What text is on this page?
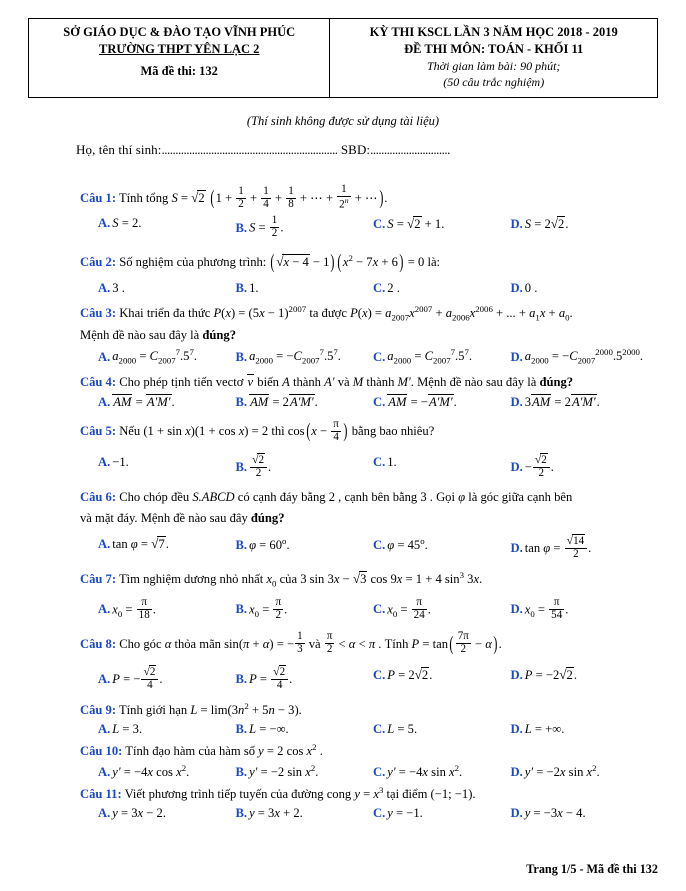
SỞ GIÁO DỤC & ĐÀO TẠO VĨNH PHÚC
TRƯỜNG THPT YÊN LẠC 2
Mã đề thi: 132
KỲ THI KSCL LẦN 3 NĂM HỌC 2018 - 2019
ĐỀ THI MÔN: TOÁN - KHỐI 11
Thời gian làm bài: 90 phút;
(50 câu trắc nghiệm)
(Thí sinh không được sử dụng tài liệu)
Họ, tên thí sinh:................................................................ SBD:.............................
Câu 1: Tính tổng S = √2 ($1 + \frac{1}{2} + \frac{1}{4} + \frac{1}{8}$ + ⋯ + $\frac{1}{2^n}$ + ⋯).
A. S = 2.	B. $S = \frac{1}{2}$ .	C. S = √2 + 1.	D. S = 2√2.
Câu 2: Số nghiệm của phương trình: (√x − 4 − 1) $(x^2 - 7x + 6) = 0$ là:
A. 3 .	B. 1.	C. 2 .	D. 0 .
Câu 3: Khai triển đa thức $P(x) = (5x - 1)^{2007}$ ta được $P(x) = a_{2007}x^{2007} + a_{2006}x^{2006}$ + ... + $a_1x + a_0$.
Mệnh đề nào sau đây là đúng?
A. $a_{2000} = C_{2007}^7.5^7$.	B. $a_{2000} = -C_{2007}^7.5^7$.	C. $a_{2000} = C_{2007}^7.5^7$.	D. $a_{2000} = -C_{2007}^{2000}.5^{2000}$.
Câu 4: Cho phép tịnh tiến vectơ v biến A thành A′ và M thành M′. Mệnh đề nào sau đây là đúng?
A. AM = A′M′.	B. AM = 2A′M′.	C. AM = −A′M′.	D. 3AM = 2A′M′.
Câu 5: Nếu (1 + sin x)(1 + cos x) = 2 thì $\cos(x - \frac{\pi}{4}$ ) bằng bao nhiêu?
A. −1.	B. $\frac{√2}{2}$ .	C. 1.	D. − $\frac{√2}{2}$ .
Câu 6: Cho chóp đều S.ABCD có cạnh đáy bằng 2 , cạnh bên bằng 3 . Gọi φ là góc giữa cạnh bên
và mặt đáy. Mệnh đề nào sau đây đúng?
A. tan φ = √7.	B. $\varphi = 60^o$.	C. $\varphi = 45^o$.	D. $\tan \varphi = \frac{√14}{2}$ .
Câu 7: Tìm nghiệm dương nhỏ nhất $x_0$ của 3 sin 3x − √3 cos 9x = 1 + 4 $\sin^3 3x$.
A. $x_0 = \frac{\pi}{18}$ .	B. $x_0 = \frac{\pi}{2}$ .	C. $x_0 = \frac{\pi}{24}$ .	D. $x_0 = \frac{\pi}{54}$ .
Câu 8: Cho góc α thỏa mãn sin(π + α) = − $\frac{1}{3}$ và $\frac{\pi}{2} < \alpha < \pi$ . Tính $P = \tan( \frac{7\pi}{2} - \alpha)$.
A. P = − $\frac{√2}{4}$ .	B. $P = \frac{√2}{4}$ .	C. P = 2√2.	D. P = −2√2.
Câu 9: Tính giới hạn $L = \lim(3n^2 + 5n - 3)$.
A. L = 3.	B. L = −∞.	C. L = 5.	D. L = +∞.
Câu 10: Tính đạo hàm của hàm số y = 2 $\cos x^2$ .
A. y′ = −4x $\cos x^2$.	B. y′ = −2 $\sin x^2$.	C. y′ = −4x $\sin x^2$.	D. y′ = −2x $\sin x^2$.
Câu 11: Viết phương trình tiếp tuyến của đường cong $y = x^3$ tại điểm (−1; −1).
A. y = 3x − 2.	B. y = 3x + 2.	C. y = −1.	D. y = −3x − 4.
Trang 1/5 - Mã đề thi 132
